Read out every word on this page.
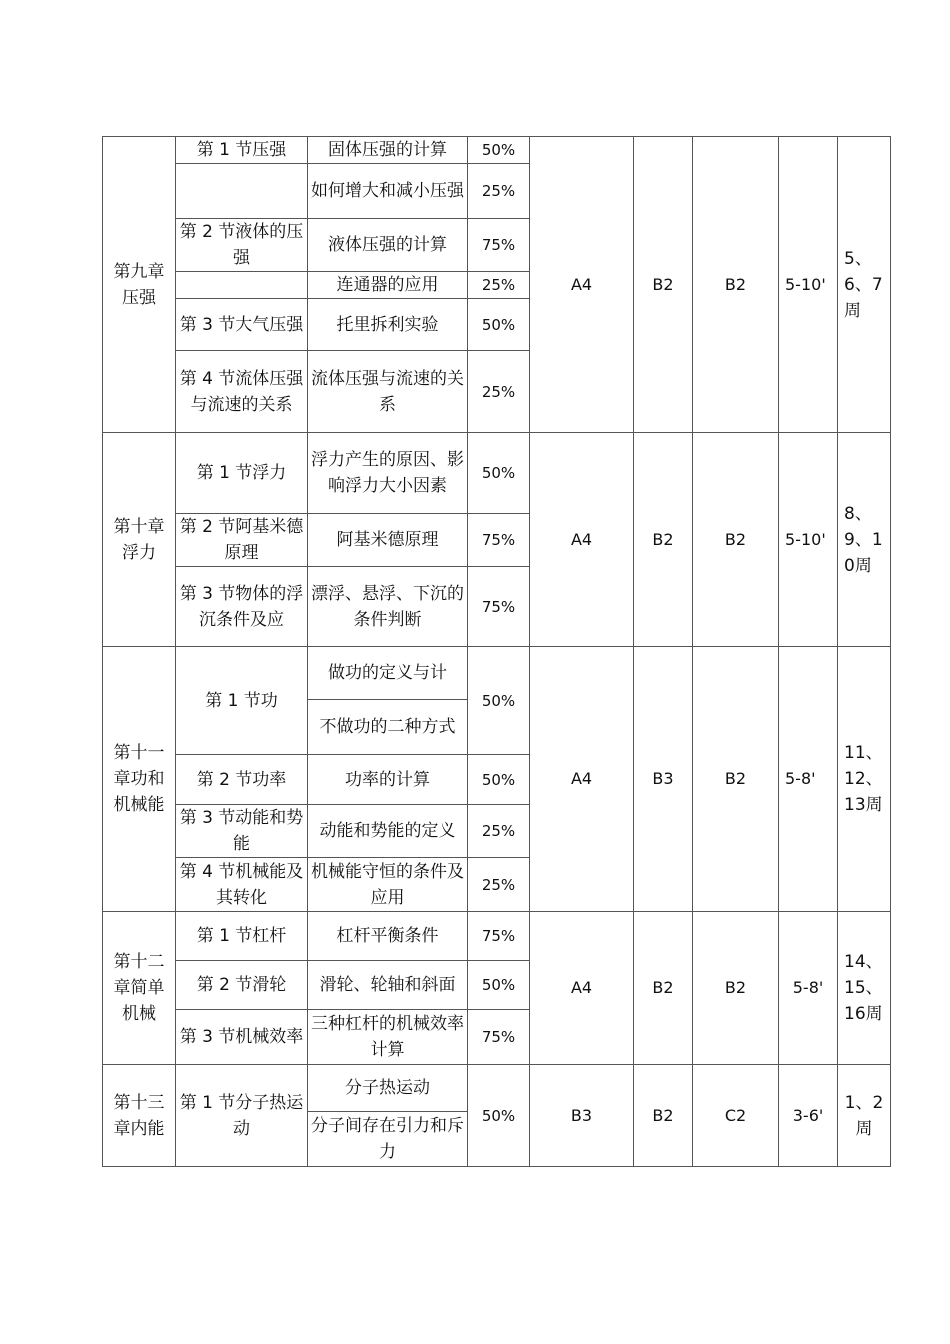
第九章压强	第 1 节压强	固体压强的计算	50%	A4	B2	B2	5-10'	5、6、7周
		如何增大和减小压强	25%					
	第 2 节液体的压强	液体压强的计算	75%					
		连通器的应用	25%					
	第 3 节大气压强	托里拆利实验	50%					
	第 4 节流体压强与流速的关系	流体压强与流速的关系	25%					
第十章浮力	第 1 节浮力	浮力产生的原因、影响浮力大小因素	50%	A4	B2	B2	5-10'	8、9、10周
	第 2 节阿基米德原理	阿基米德原理	75%					
	第 3 节物体的浮沉条件及应	漂浮、悬浮、下沉的条件判断	75%					
第十一章功和机械能	第 1 节功	做功的定义与计	50%	A4	B3	B2	5-8'	11、12、13周
		不做功的二种方式						
	第 2 节功率	功率的计算	50%					
	第 3 节动能和势能	动能和势能的定义	25%					
	第 4 节机械能及其转化	机械能守恒的条件及应用	25%					
第十二章简单机械	第 1 节杠杆	杠杆平衡条件	75%	A4	B2	B2	5-8'	14、15、16周
	第 2 节滑轮	滑轮、轮轴和斜面	50%					
	第 3 节机械效率	三种杠杆的机械效率计算	75%					
第十三章内能	第 1 节分子热运动	分子热运动	50%	B3	B2	C2	3-6'	1、2周
		分子间存在引力和斥力						
